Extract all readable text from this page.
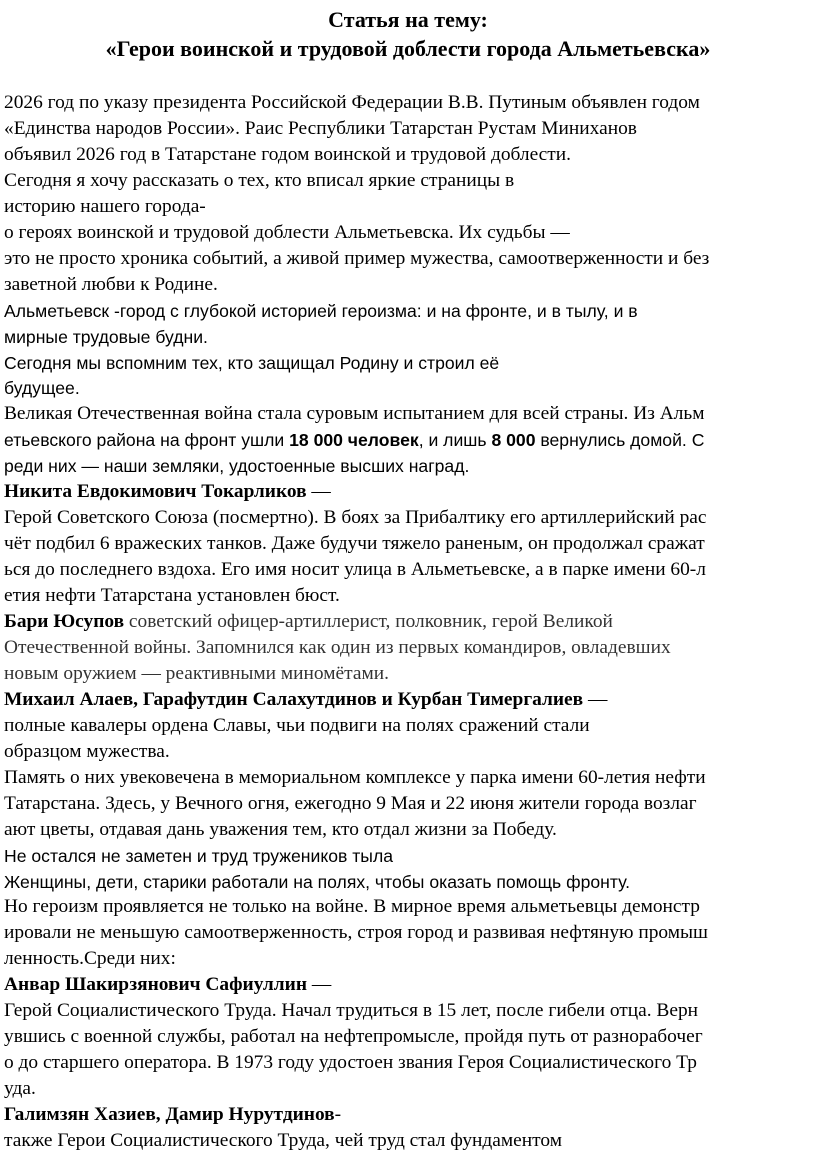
Статья на тему:
«Герои воинской и трудовой доблести города Альметьевска»
2026 год по указу президента Российской Федерации В.В. Путиным объявлен годом
«Единства народов России». Раис Республики Татарстан Рустам Миниханов
объявил 2026 год в Татарстане годом воинской и трудовой доблести.
Сегодня я хочу рассказать о тех, кто вписал яркие страницы в
историю нашего города-
о героях воинской и трудовой доблести Альметьевска. Их судьбы —
это не просто хроника событий, а живой пример мужества, самоотверженности и без
заветной любви к Родине.
Альметьевск -город с глубокой историей героизма: и на фронте, и в тылу, и в
мирные трудовые будни.
Сегодня мы вспомним тех, кто защищал Родину и строил её
будущее.
Великая Отечественная война стала суровым испытанием для всей страны. Из Альм
етьевского района на фронт ушли 18 000 человек, и лишь 8 000 вернулись домой. С
реди них — наши земляки, удостоенные высших наград.
Никита Евдокимович Токарликов —
Герой Советского Союза (посмертно). В боях за Прибалтику его артиллерийский рас
чёт подбил 6 вражеских танков. Даже будучи тяжело раненым, он продолжал сражат
ься до последнего вздоха. Его имя носит улица в Альметьевске, а в парке имени 60-л
етия нефти Татарстана установлен бюст.
Бари Юсупов советский офицер-артиллерист, полковник, герой Великой
Отечественной войны. Запомнился как один из первых командиров, овладевших
новым оружием — реактивными миномётами.
Михаил Алаев, Гарафутдин Салахутдинов и Курбан Тимергалиев —
полные кавалеры ордена Славы, чьи подвиги на полях сражений стали
образцом мужества.
Память о них увековечена в мемориальном комплексе у парка имени 60-летия нефти
Татарстана. Здесь, у Вечного огня, ежегодно 9 Мая и 22 июня жители города возлаг
ают цветы, отдавая дань уважения тем, кто отдал жизни за Победу.
Не остался не заметен и труд тружеников тыла
Женщины, дети, старики работали на полях, чтобы оказать помощь фронту.
Но героизм проявляется не только на войне. В мирное время альметьевцы демонстр
ировали не меньшую самоотверженность, строя город и развивая нефтяную промыш
ленность.Среди них:
Анвар Шакирзянович Сафиуллин —
Герой Социалистического Труда. Начал трудиться в 15 лет, после гибели отца. Верн
увшись с военной службы, работал на нефтепромысле, пройдя путь от разнорабочег
о до старшего оператора. В 1973 году удостоен звания Героя Социалистического Тр
уда.
Галимзян Хазиев, Дамир Нурутдинов-
также Герои Социалистического Труда, чей труд стал фундаментом
